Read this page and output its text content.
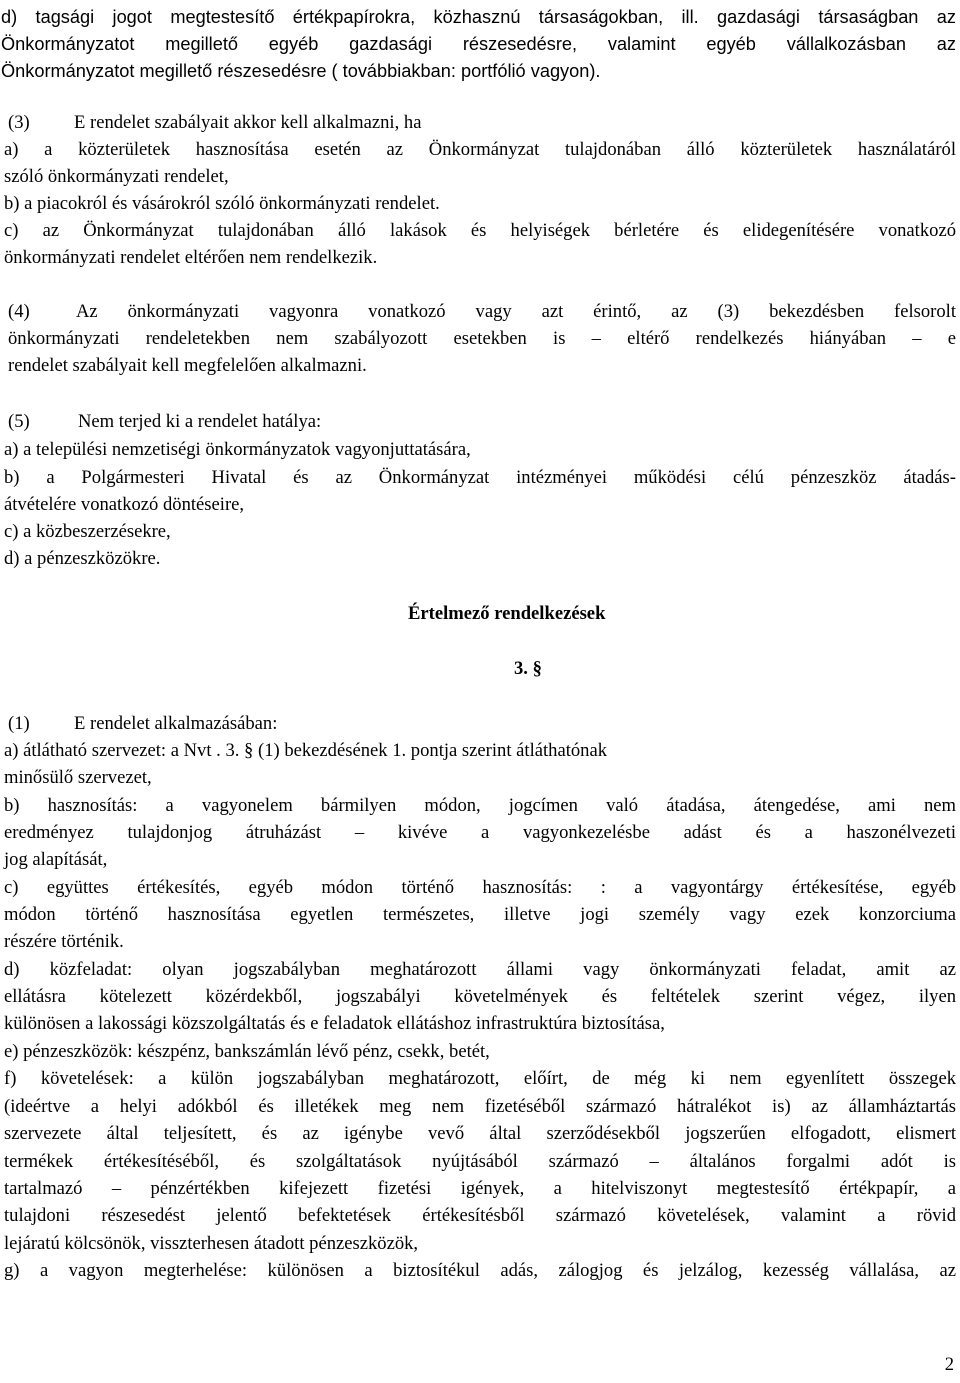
d) tagsági jogot megtestesítő értékpapírokra, közhasznú társaságokban, ill. gazdasági társaságban az
Önkormányzatot megillető egyéb gazdasági részesedésre, valamint egyéb vállalkozásban az
Önkormányzatot megillető részesedésre ( továbbiakban: portfólió vagyon).
(3) E rendelet szabályait akkor kell alkalmazni, ha
a) a közterületek hasznosítása esetén az Önkormányzat tulajdonában álló közterületek használatáról
szóló önkormányzati rendelet,
b) a piacokról és vásárokról szóló önkormányzati rendelet.
c) az Önkormányzat tulajdonában álló lakások és helyiségek bérletére és elidegenítésére vonatkozó
önkormányzati rendelet eltérően nem rendelkezik.
(4) Az önkormányzati vagyonra vonatkozó vagy azt érintő, az (3) bekezdésben felsorolt
önkormányzati rendeletekben nem szabályozott esetekben is – eltérő rendelkezés hiányában – e
rendelet szabályait kell megfelelően alkalmazni.
(5)	Nem terjed ki a rendelet hatálya:
a) a települési nemzetiségi önkormányzatok vagyonjuttatására,
b) a Polgármesteri Hivatal és az Önkormányzat intézményei működési célú pénzeszköz átadás-
átvételére vonatkozó döntéseire,
c) a közbeszerzésekre,
d) a pénzeszközökre.
Értelmező rendelkezések
3. §
(1) E rendelet alkalmazásában:
a) átlátható szervezet: a Nvt . 3. § (1) bekezdésének 1. pontja szerint átláthatónak
minősülő szervezet,
b) hasznosítás: a vagyonelem bármilyen módon, jogcímen való átadása, átengedése, ami nem
eredményez tulajdonjog átruházást – kivéve a vagyonkezelésbe adást és a haszonélvezeti
jog alapítását,
c) együttes értékesítés, egyéb módon történő hasznosítás: : a vagyontárgy értékesítése, egyéb
módon történő hasznosítása egyetlen természetes, illetve jogi személy vagy ezek konzorciuma
részére történik.
d) közfeladat: olyan jogszabályban meghatározott állami vagy önkormányzati feladat, amit az
ellátásra kötelezett közérdekből, jogszabályi követelmények és feltételek szerint végez, ilyen
különösen a lakossági közszolgáltatás és e feladatok ellátáshoz infrastruktúra biztosítása,
e) pénzeszközök: készpénz, bankszámlán lévő pénz, csekk, betét,
f) követelések: a külön jogszabályban meghatározott, előírt, de még ki nem egyenlített összegek
(ideértve a helyi adókból és illetékek meg nem fizetéséből származó hátralékot is) az államháztartás
szervezete által teljesített, és az igénybe vevő által szerződésekből jogszerűen elfogadott, elismert
termékek értékesítéséből, és szolgáltatások nyújtásából származó – általános forgalmi adót is
tartalmazó – pénzértékben kifejezett fizetési igények, a hitelviszonyt megtestesítő értékpapír, a
tulajdoni részesedést jelentő befektetések értékesítésből származó követelések, valamint a rövid
lejáratú kölcsönök, visszterhesen átadott pénzeszközök,
g) a vagyon megterhelése: különösen a biztosítékul adás, zálogjog és jelzálog, kezesség vállalása, az
2
